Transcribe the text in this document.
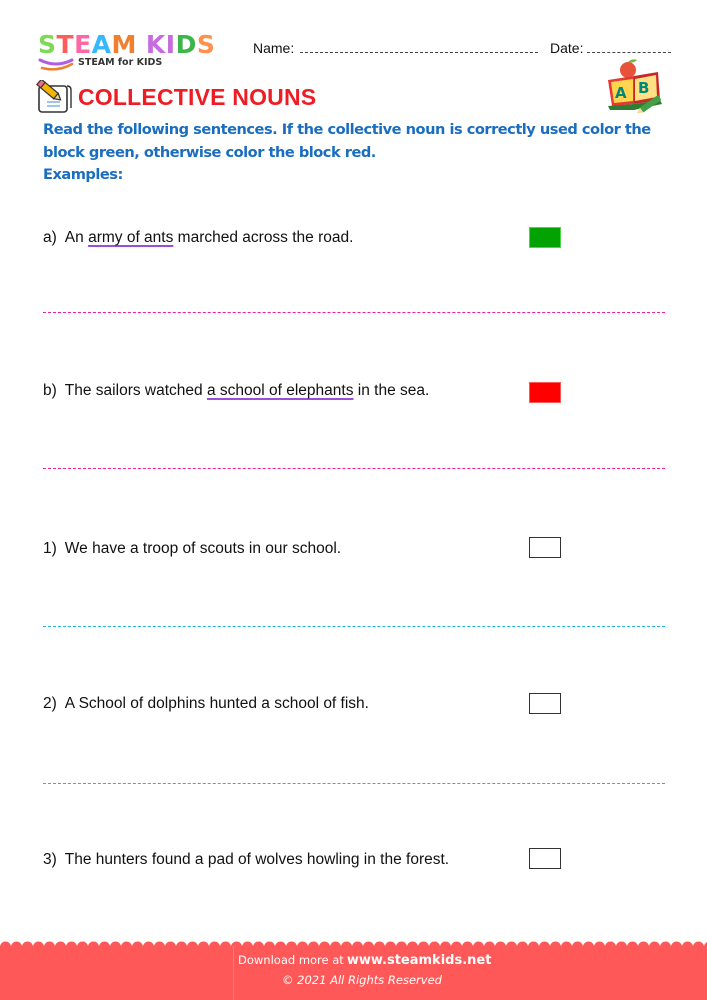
STEAM KIDS
STEAM for KIDS
Name:	Date:
COLLECTIVE NOUNS	A B
Read the following sentences. If the collective noun is correctly used color the block green, otherwise color the block red.
Examples:
a) An army of ants marched across the road.
b) The sailors watched a school of elephants in the sea.
1) We have a troop of scouts in our school.
2) A School of dolphins hunted a school of fish.
3) The hunters found a pad of wolves howling in the forest.
Download more at www.steamkids.net
© 2021 All Rights Reserved
